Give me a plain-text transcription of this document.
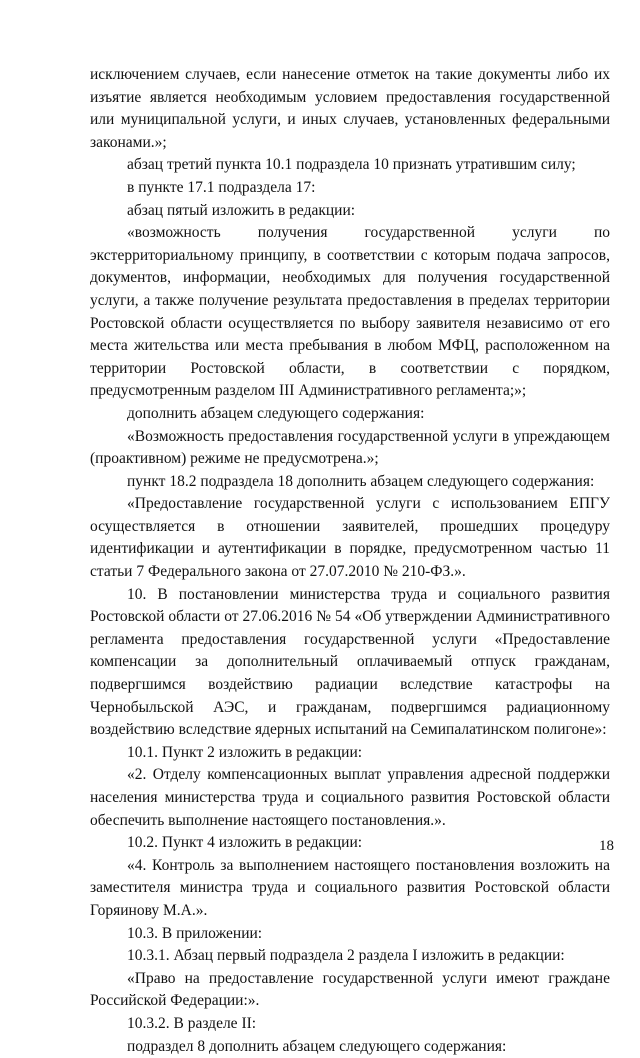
исключением случаев, если нанесение отметок на такие документы либо их изъятие является необходимым условием предоставления государственной или муниципальной услуги, и иных случаев, установленных федеральными законами.»;

абзац третий пункта 10.1 подраздела 10 признать утратившим силу;

в пункте 17.1 подраздела 17:

абзац пятый изложить в редакции:

«возможность получения государственной услуги по экстерриториальному принципу, в соответствии с которым подача запросов, документов, информации, необходимых для получения государственной услуги, а также получение результата предоставления в пределах территории Ростовской области осуществляется по выбору заявителя независимо от его места жительства или места пребывания в любом МФЦ, расположенном на территории Ростовской области, в соответствии с порядком, предусмотренным разделом III Административного регламента;»;

дополнить абзацем следующего содержания:

«Возможность предоставления государственной услуги в упреждающем (проактивном) режиме не предусмотрена.»;

пункт 18.2 подраздела 18 дополнить абзацем следующего содержания:

«Предоставление государственной услуги с использованием ЕПГУ осуществляется в отношении заявителей, прошедших процедуру идентификации и аутентификации в порядке, предусмотренном частью 11 статьи 7 Федерального закона от 27.07.2010 № 210-ФЗ.».

10. В постановлении министерства труда и социального развития Ростовской области от 27.06.2016 № 54 «Об утверждении Административного регламента предоставления государственной услуги «Предоставление компенсации за дополнительный оплачиваемый отпуск гражданам, подвергшимся воздействию радиации вследствие катастрофы на Чернобыльской АЭС, и гражданам, подвергшимся радиационному воздействию вследствие ядерных испытаний на Семипалатинском полигоне»:

10.1. Пункт 2 изложить в редакции:

«2. Отделу компенсационных выплат управления адресной поддержки населения министерства труда и социального развития Ростовской области обеспечить выполнение настоящего постановления.».

10.2. Пункт 4 изложить в редакции:

«4. Контроль за выполнением настоящего постановления возложить на заместителя министра труда и социального развития Ростовской области Горяинову М.А.».

10.3. В приложении:

10.3.1. Абзац первый подраздела 2 раздела I изложить в редакции:

«Право на предоставление государственной услуги имеют граждане Российской Федерации:».

10.3.2. В разделе II:

подраздел 8 дополнить абзацем следующего содержания:

18
